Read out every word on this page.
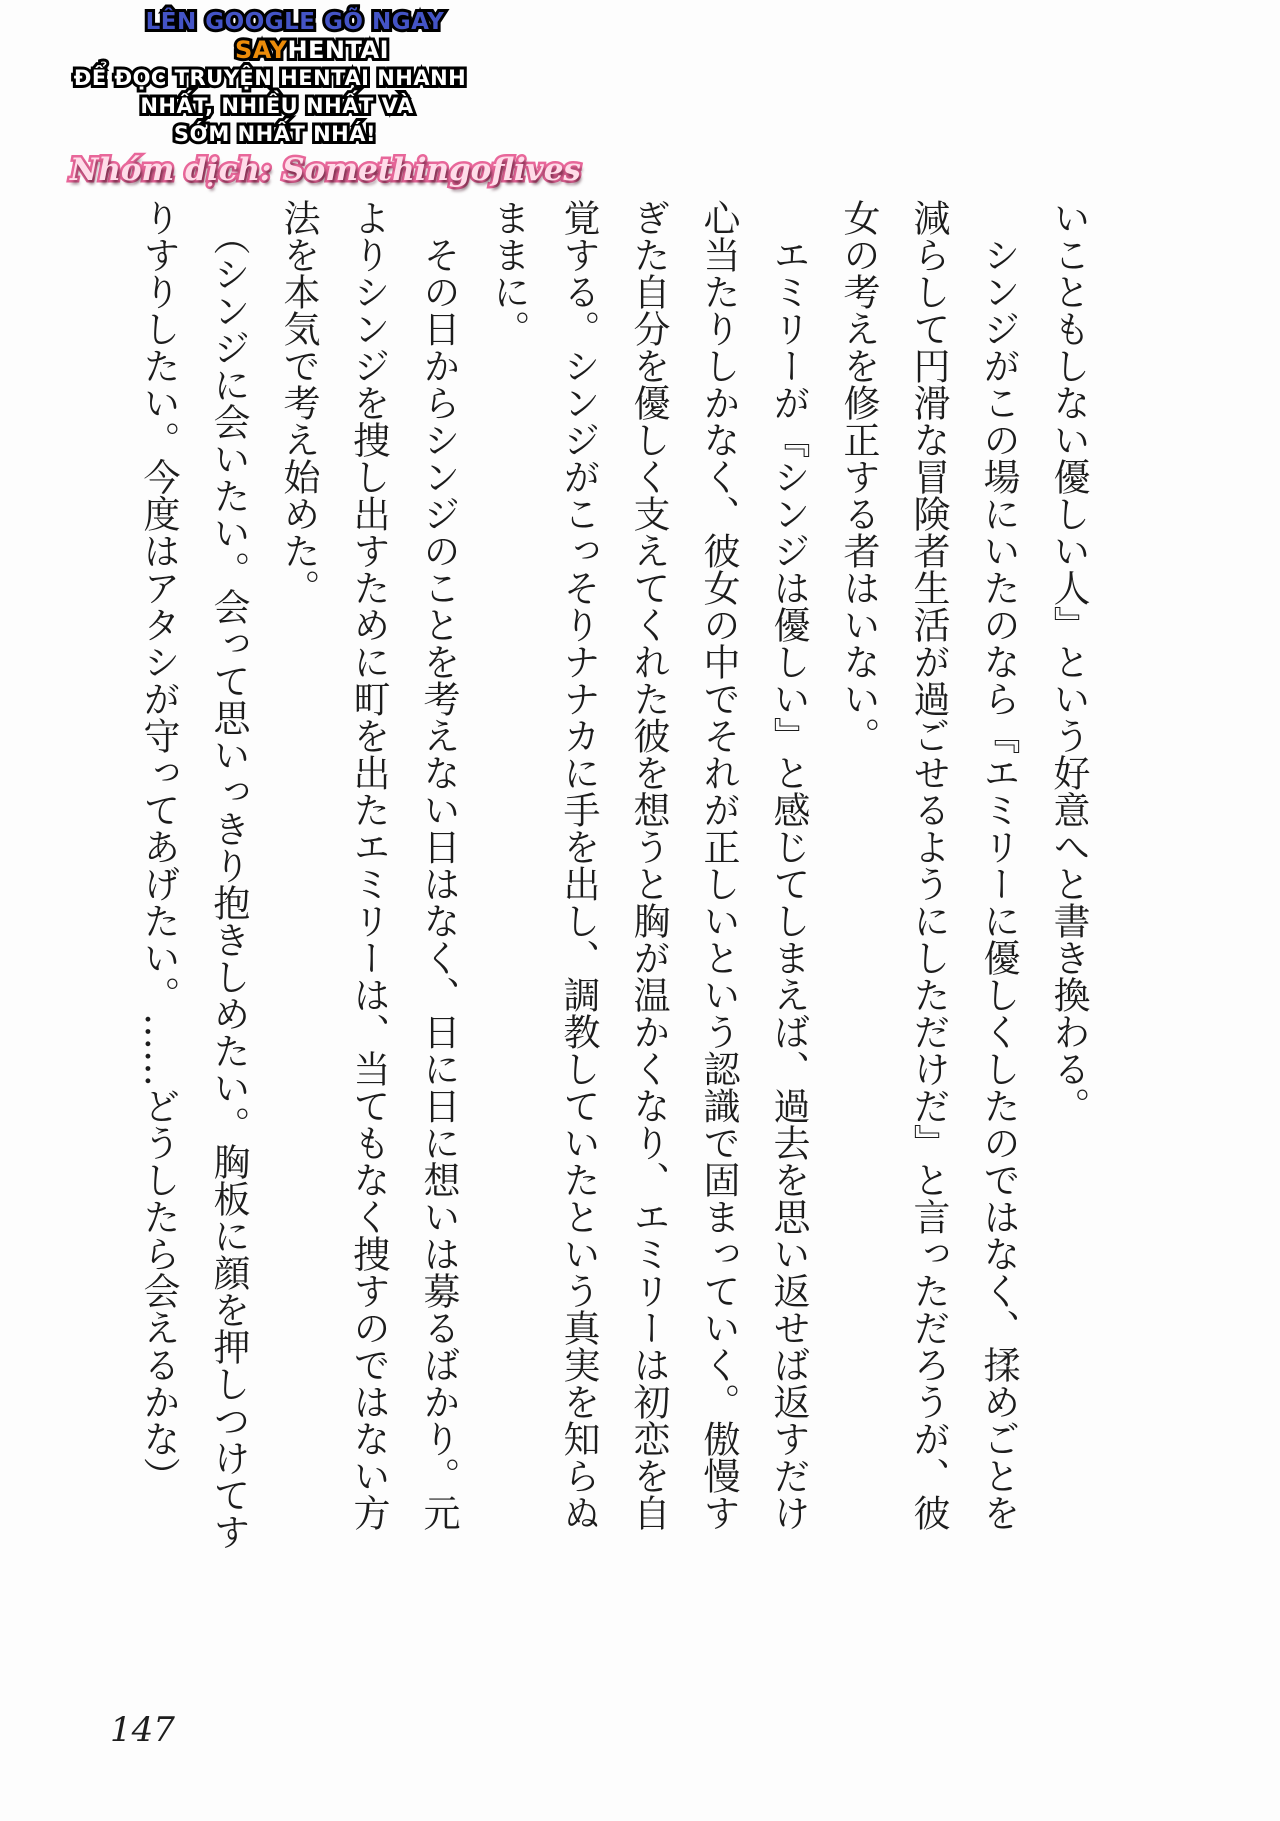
LÊN GOOGLE GÕ NGAY
SAYHENTAI
ĐỂ ĐỌC TRUYỆN HENTAI NHANH
NHẤT, NHIỀU NHẤT VÀ
SỚM NHẤT NHÁ!
Nhóm dịch: Somethingoflives

いこともしない優しい人』という好意へと書き換わる。

シンジがこの場にいたのなら『エミリーに優しくしたのではなく、揉めごとを

減らして円滑な冒険者生活が過ごせるようにしただけだ』と言っただろうが、彼

女の考えを修正する者はいない。

エミリーが『シンジは優しい』と感じてしまえば、過去を思い返せば返すだけ

心当たりしかなく、彼女の中でそれが正しいという認識で固まっていく。傲慢す

ぎた自分を優しく支えてくれた彼を想うと胸が温かくなり、エミリーは初恋を自

覚する。シンジがこっそりナナカに手を出し、調教していたという真実を知らぬ

ままに。

その日からシンジのことを考えない日はなく、日に日に想いは募るばかり。元

よりシンジを捜し出すために町を出たエミリーは、当てもなく捜すのではない方

法を本気で考え始めた。

（シンジに会いたい。会って思いっきり抱きしめたい。胸板に顔を押しつけてす

りすりしたい。今度はアタシが守ってあげたい。……どうしたら会えるかな）

147
